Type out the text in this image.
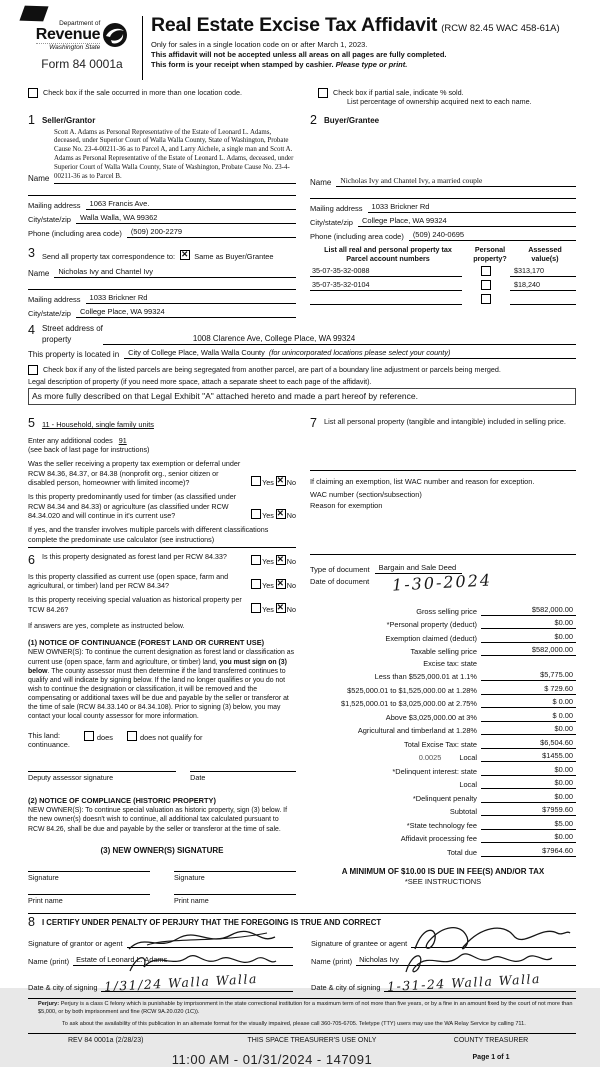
Department of
Revenue
Washington State
Form 84 0001a
Real Estate Excise Tax Affidavit (RCW 82.45 WAC 458-61A)
Only for sales in a single location code on or after March 1, 2023.
This affidavit will not be accepted unless all areas on all pages are fully completed.
This form is your receipt when stamped by cashier. Please type or print.
Check box if the sale occurred in more than one location code.	Check box if partial sale, indicate % sold.
List percentage of ownership acquired next to each name.
1 Seller/Grantor
Scott A. Adams as Personal Representative of the Estate of Leonard L. Adams, deceased, under Superior Court of Walla Walla County, State of Washington, Probate Cause No. 23-4-00211-36 as to Parcel A, and Larry Aichele, a single man and Scott A. Adams as Personal Representative of the Estate of Leonard L. Adams, deceased, under Superior Court of Walla Walla County, State of Washington, Probate Cause No. 23-4-00211-36 as to Parcel B.
Name
Mailing address	1063 Francis Ave.
City/state/zip	Walla Walla, WA 99362
Phone (including area code)	(509) 200-2279
3 Send all property tax correspondence to: ✕	Same as Buyer/Grantee
Name	Nicholas Ivy and Chantel Ivy
Mailing address	1033 Brickner Rd
City/state/zip	College Place, WA 99324
2 Buyer/Grantee
Name	Nicholas Ivy and Chantel Ivy, a married couple
Mailing address	1033 Brickner Rd
City/state/zip	College Place, WA 99324
Phone (including area code)	(509) 240-0695
List all real and personal property tax
Parcel account numbers
Personal
property?
Assessed
value(s)
35-07-35-32-0088	$313,170
35-07-35-32-0104	$18,240
4 Street address of
property	1008 Clarence Ave, College Place, WA 99324
This property is located in	City of College Place, Walla Walla County (for unincorporated locations please select your county)
Check box if any of the listed parcels are being segregated from another parcel, are part of a boundary line adjustment or parcels being merged.
Legal description of property (if you need more space, attach a separate sheet to each page of the affidavit).
As more fully described on that Legal Exhibit "A" attached hereto and made a part hereof by reference.
5 11 - Household, single family units
Enter any additional codes 91
(see back of last page for instructions)
Was the seller receiving a property tax exemption or deferral under RCW 84.36, 84.37, or 84.38 (nonprofit org., senior citizen or disabled person, homeowner with limited income)?	Yes ✕ No
Is this property predominantly used for timber (as classified under RCW 84.34 and 84.33) or agriculture (as classified under RCW 84.34.020 and will continue in it's current use?	Yes ✕ No
If yes, and the transfer involves multiple parcels with different classifications complete the predominate use calculator (see instructions)
6 Is this property designated as forest land per RCW 84.33?
Yes ✕ No
Is this property classified as current use (open space, farm and agricultural, or timber) land per RCW 84.34?	Yes ✕ No
Is this property receiving special valuation as historical property per TCW 84.26?	Yes ✕ No
If answers are yes, complete as instructed below.
(1) NOTICE OF CONTINUANCE (FOREST LAND OR CURRENT USE)
NEW OWNER(S): To continue the current designation as forest land or classification as current use (open space, farm and agriculture, or timber) land, you must sign on (3) below. The county assessor must then determine if the land transferred continues to qualify and will indicate by signing below. If the land no longer qualifies or you do not wish to continue the designation or classification, it will be removed and the compensating or additional taxes will be due and payable by the seller or transferor at the time of sale (RCW 84.33.140 or 84.34.108). Prior to signing (3) below, you may contact your local county assessor for more information.
This land:
continuance.
does	does not qualify for
Deputy assessor signature	Date
(2) NOTICE OF COMPLIANCE (HISTORIC PROPERTY)
NEW OWNER(S): To continue special valuation as historic property, sign (3) below. If the new owner(s) doesn't wish to continue, all additional tax calculated pursuant to RCW 84.26, shall be due and payable by the seller or transferor at the time of sale.
(3) NEW OWNER(S) SIGNATURE
Signature	Signature
Print name	Print name
7 List all personal property (tangible and intangible) included in selling price.
If claiming an exemption, list WAC number and reason for exception.
WAC number (section/subsection)
Reason for exemption
Type of document	Bargain and Sale Deed
Date of document	1-30-2024
Gross selling price	$582,000.00
*Personal property (deduct)	$0.00
Exemption claimed (deduct)	$0.00
Taxable selling price	$582,000.00
Excise tax: state
Less than $525,000.01 at 1.1%	$5,775.00
$525,000.01 to $1,525,000.00 at 1.28%	$ 729.60
$1,525,000.01 to $3,025,000.00 at 2.75%	$ 0.00
Above $3,025,000.00 at 3%	$ 0.00
Agricultural and timberland at 1.28%	$0.00
Total Excise Tax: state	$6,504.60
0.0025	Local	$1455.00
*Delinquent interest: state	$0.00
Local	$0.00
*Delinquent penalty	$0.00
Subtotal	$7959.60
*State technology fee	$5.00
Affidavit processing fee	$0.00
Total due	$7964.60
A MINIMUM OF $10.00 IS DUE IN FEE(S) AND/OR TAX
*SEE INSTRUCTIONS
8 I CERTIFY UNDER PENALTY OF PERJURY THAT THE FOREGOING IS TRUE AND CORRECT
Signature of grantor or agent
Name (print) Estate of Leonard L. Adams
Date & city of signing 1/31/24 Walla Walla
Signature of grantee or agent
Name (print) Nicholas Ivy
Date & city of signing 1-31-24 Walla Walla
Perjury: Perjury is a class C felony which is punishable by imprisonment in the state correctional institution for a maximum term of not more than five years, or by a fine in an amount fixed by the court of not more than $5,000, or by both imprisonment and fine (RCW 9A.20.020 (1C)).
To ask about the availability of this publication in an alternate format for the visually impaired, please call 360-705-6705. Teletype (TTY) users may use the WA Relay Service by calling 711.
REV 84 0001a (2/28/23)	THIS SPACE TREASURER'S USE ONLY	COUNTY TREASURER
11:00 AM - 01/31/2024 - 147091	Page 1 of 1
